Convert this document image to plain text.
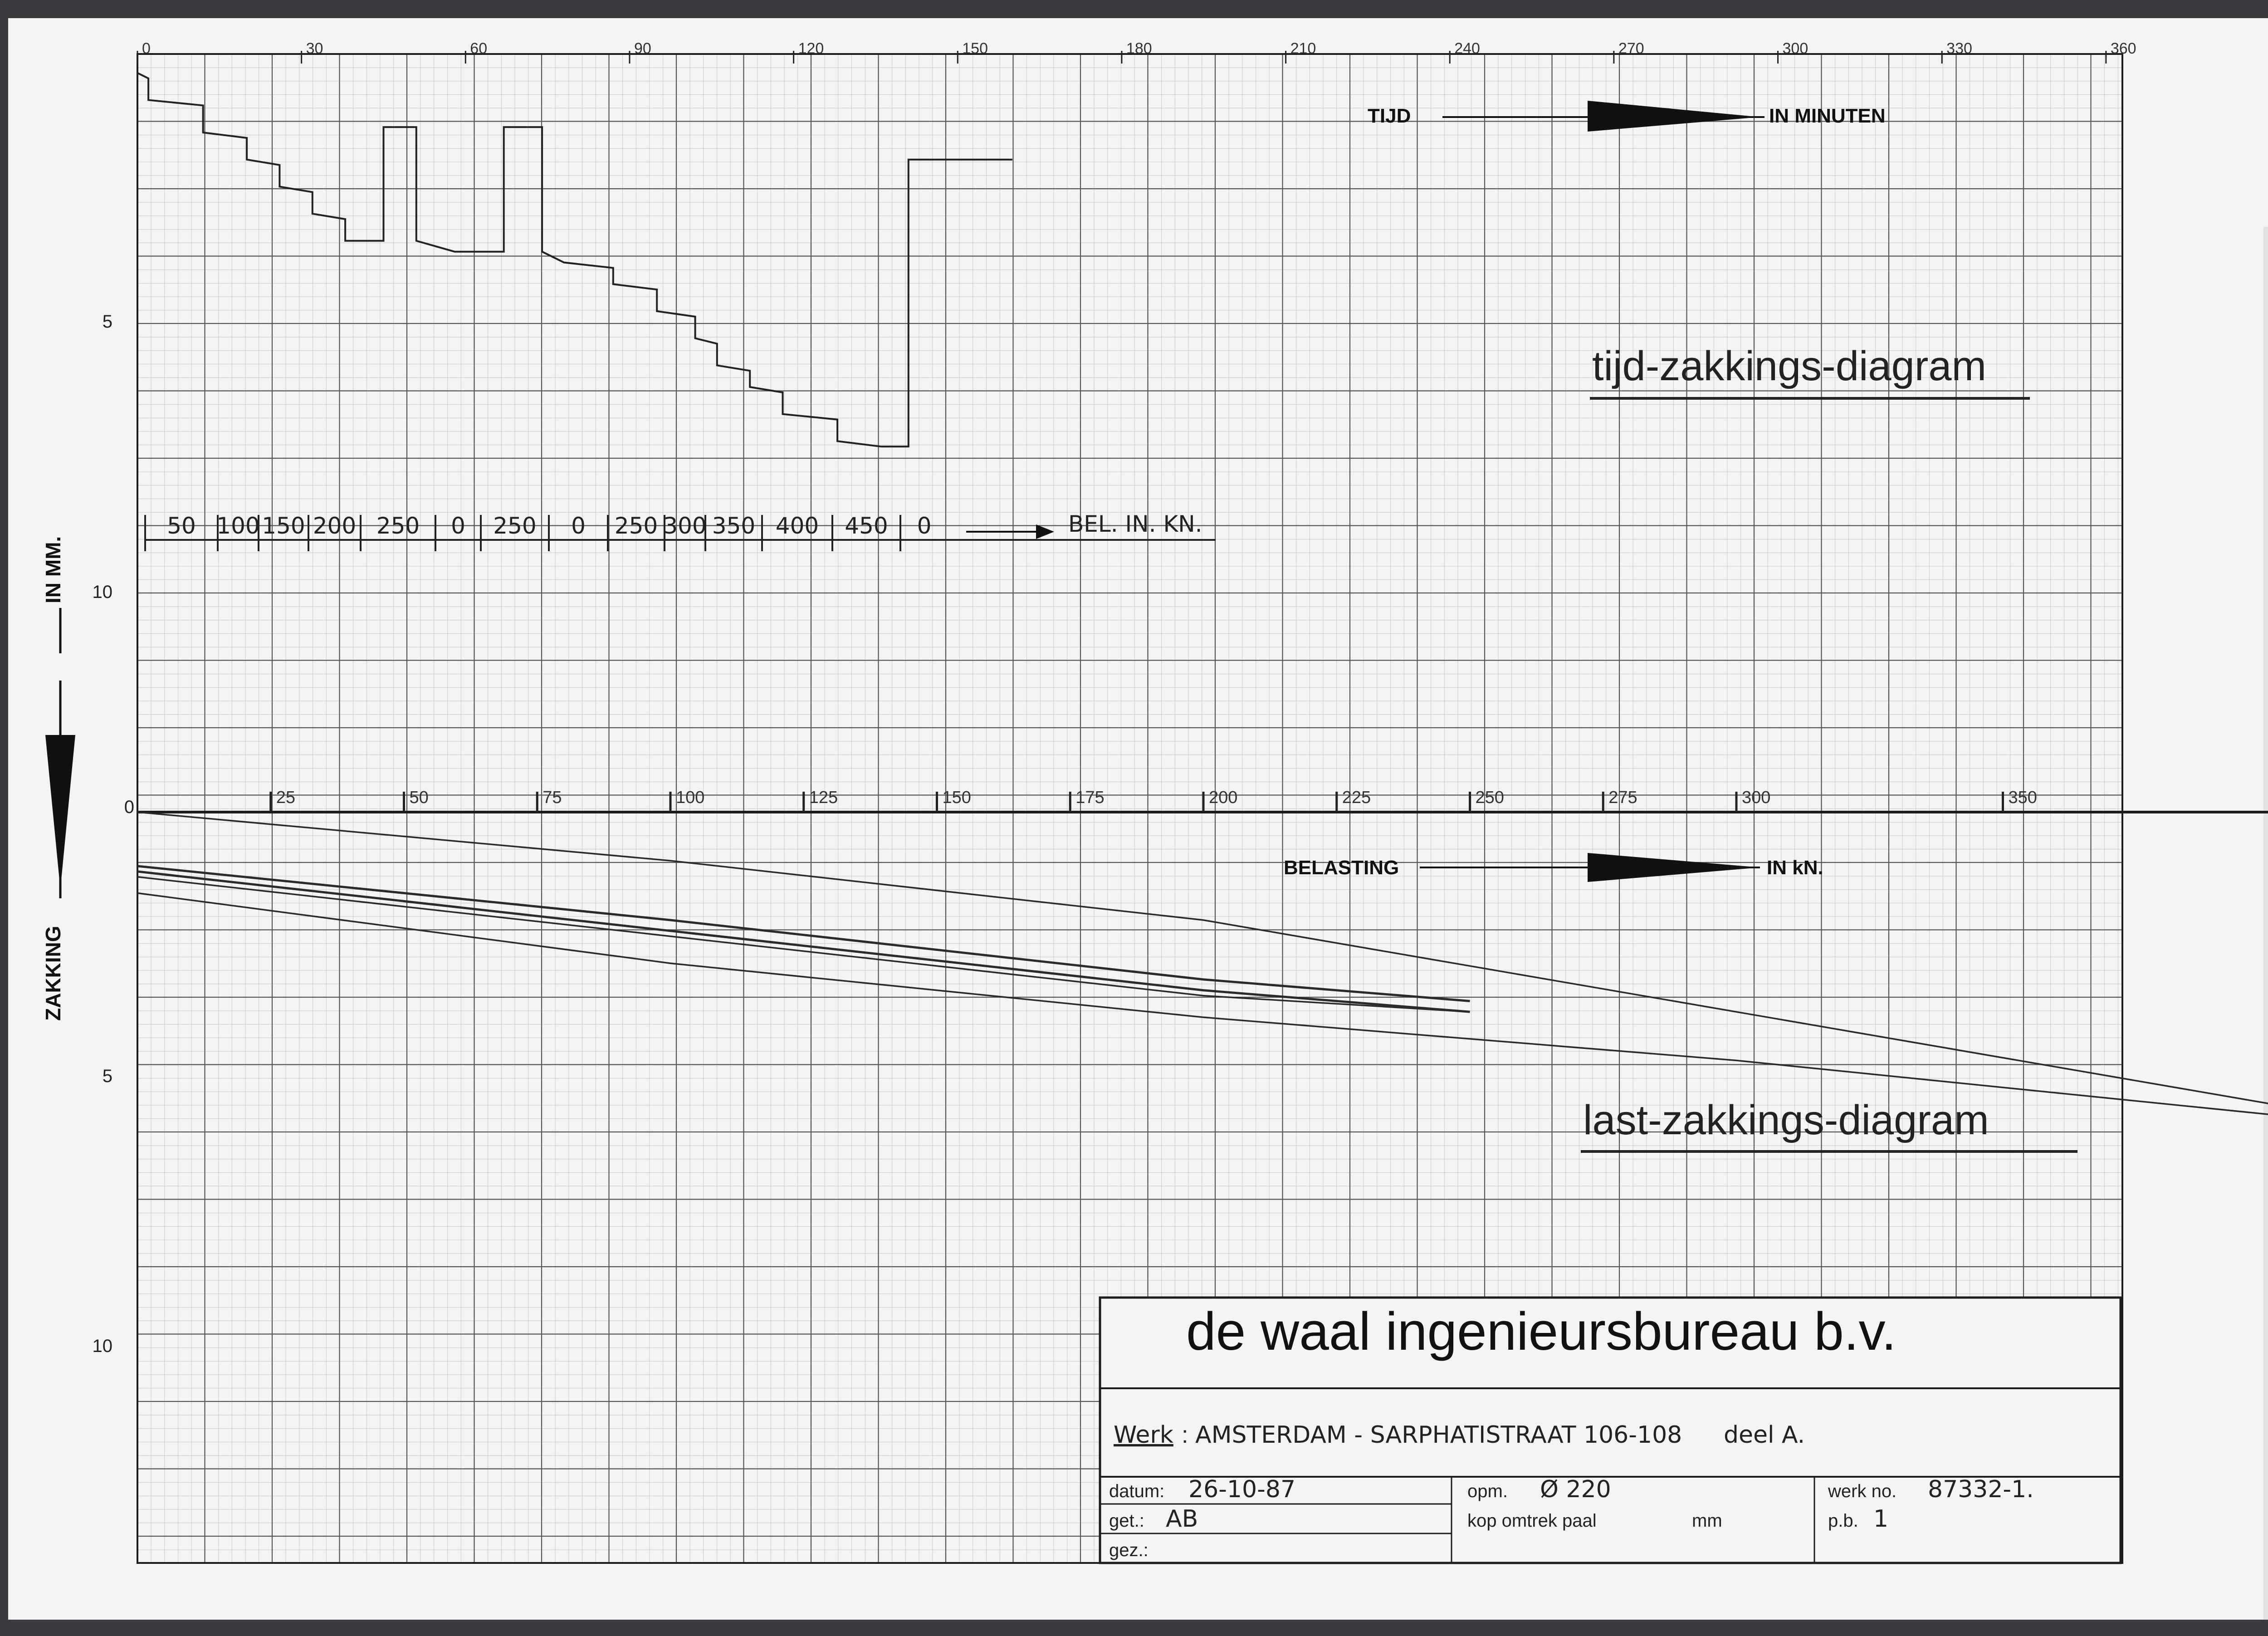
5
10
0
5
10
ZAKKING
IN MM.
0	30	60	90	120	150	180	210	240	270	300	330	360
TIJD	IN MINUTEN
tijd-zakkings-diagram
BEL. IN. KN.
50 100 150 200 250 0 250 0 250 300 350 400 450 0
25	50	75	100	125	150	175	200	225	250	275	300	350
BELASTING	IN kN.
last-zakkings-diagram
de waal ingenieursbureau b.v.
Werk : AMSTERDAM - SARPHATISTRAAT 106-108 deel A.
datum: 26-10-87
get.: AB
gez.:
opm. Ø 220
kop omtrek paal	mm
werk no. 87332-1.
p.b. 1
